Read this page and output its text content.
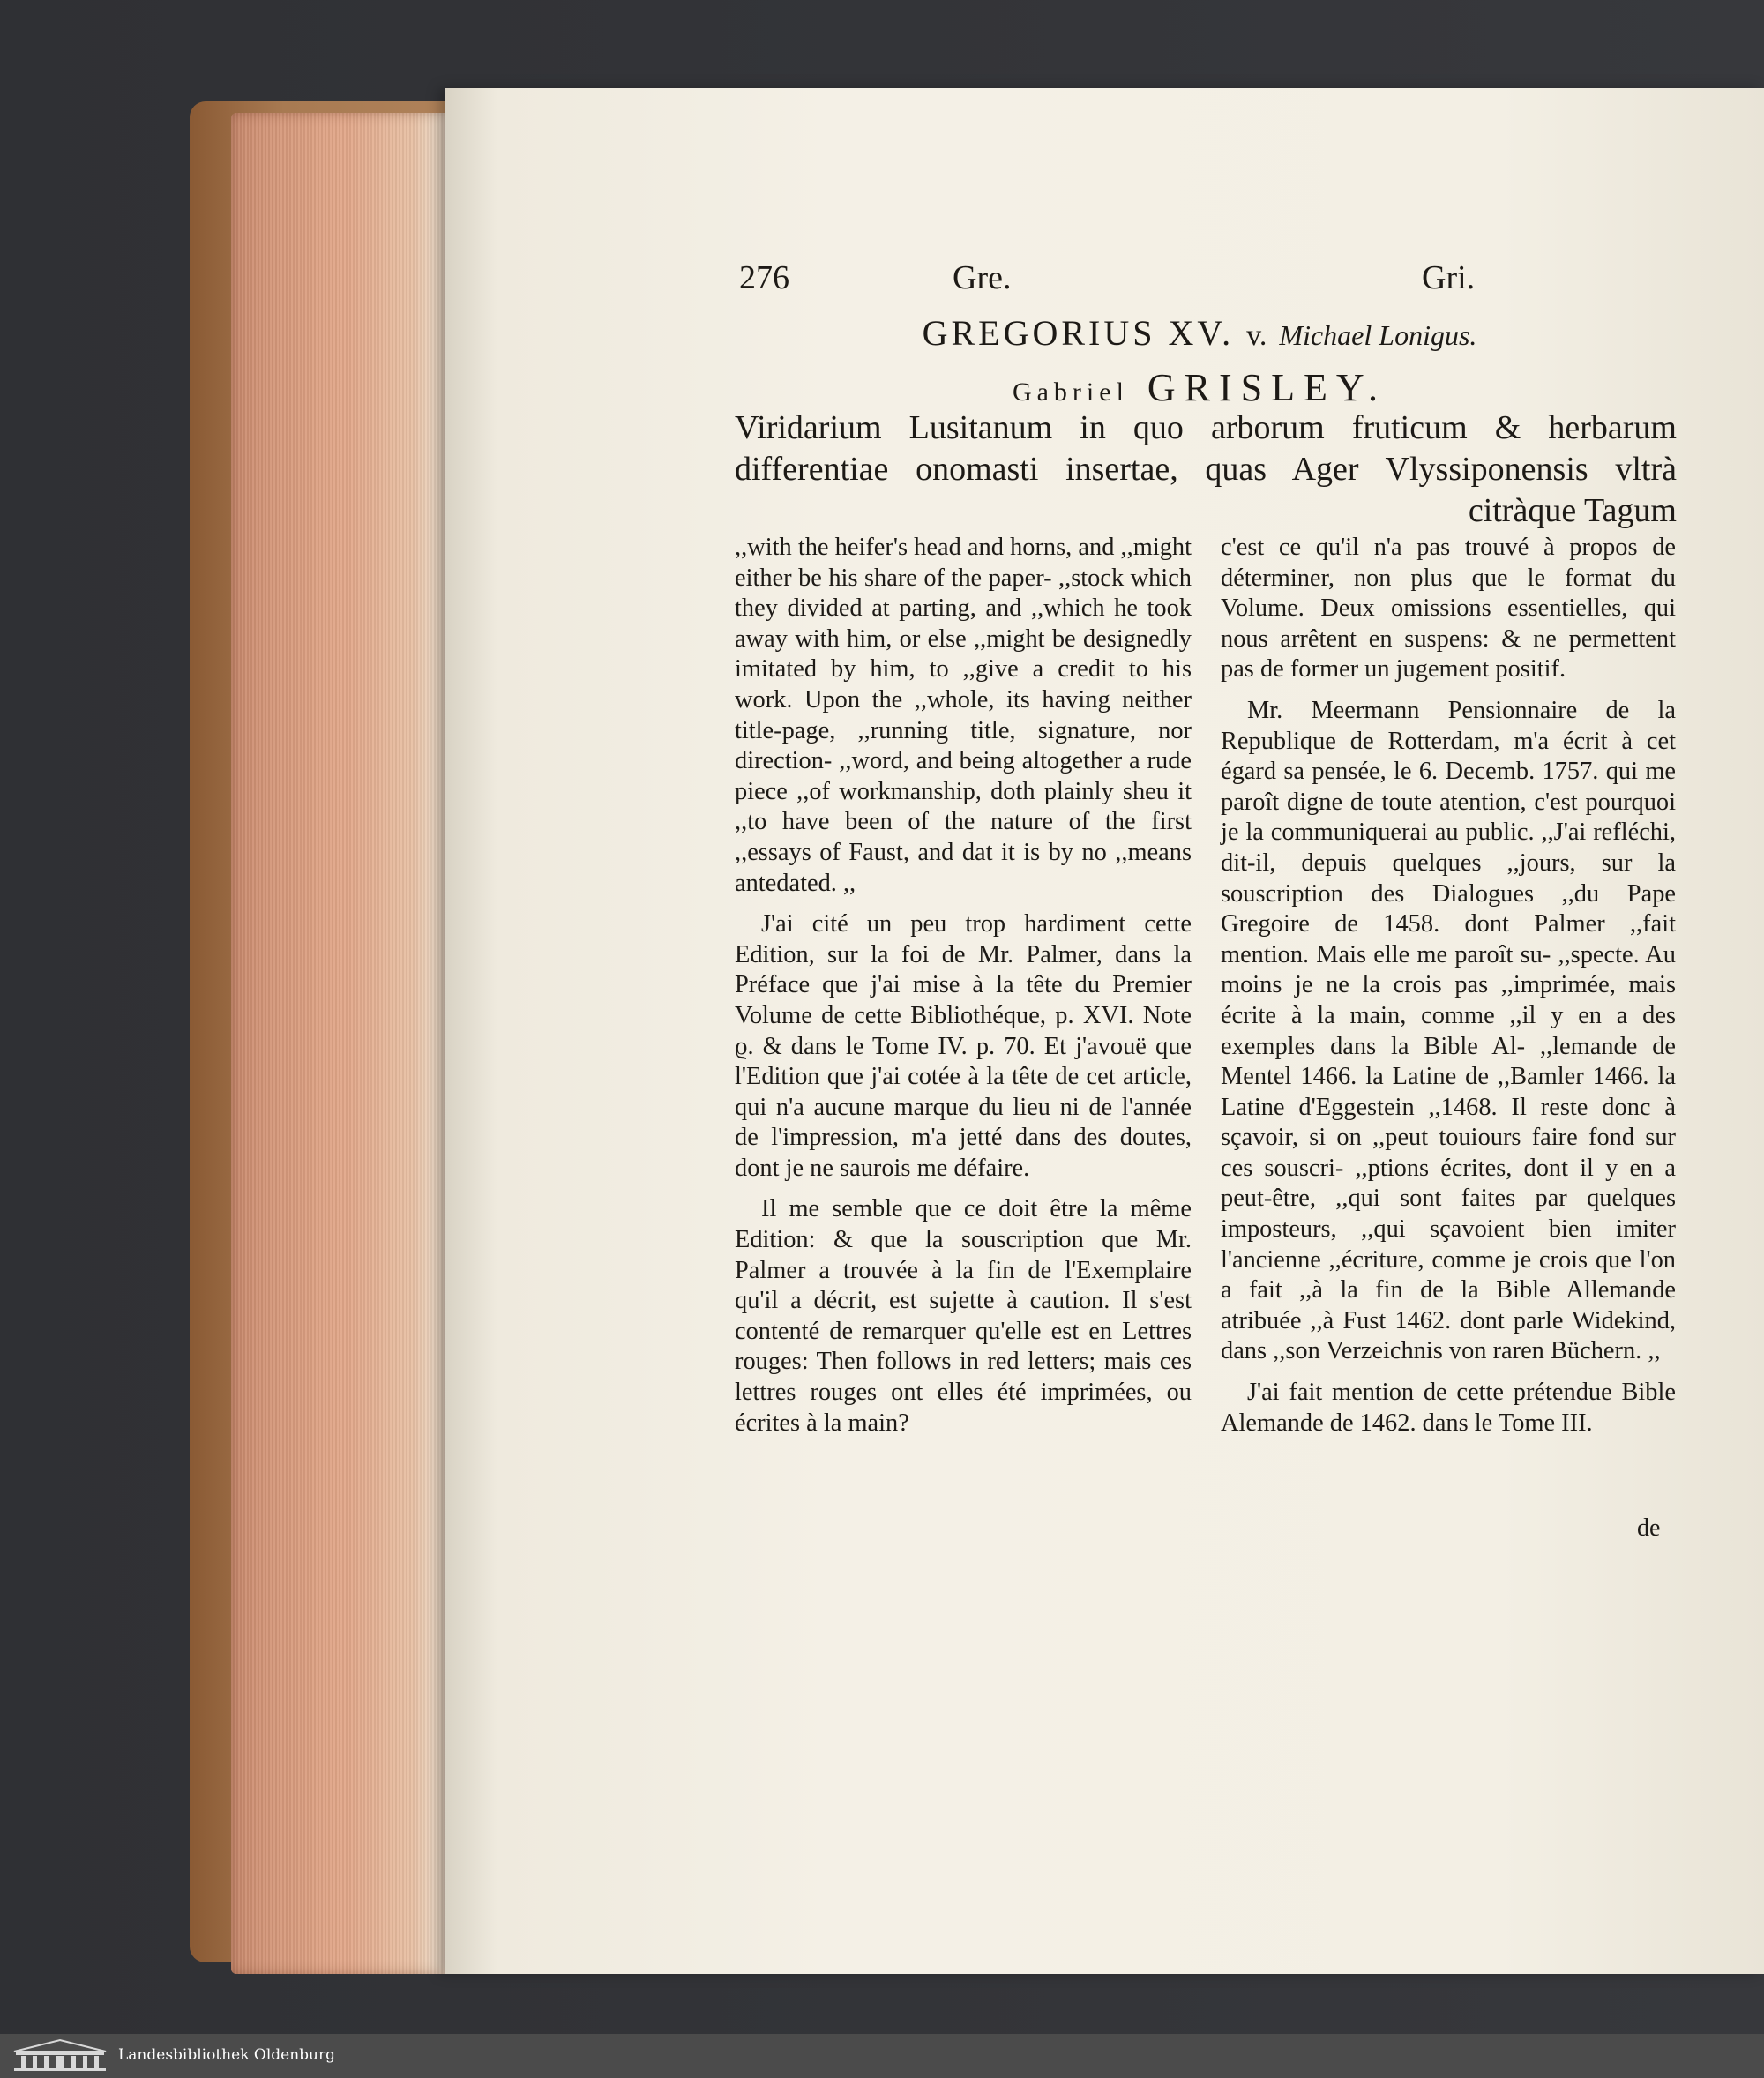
276	Gre.	Gri.
GREGORIUS XV. v. Michael Lonigus.
Gabriel GRISLEY.
Viridarium Lusitanum in quo arborum fruticum & herbarum differentiae onomasti insertae, quas Ager Vlyssiponensis vltrà citràque Tagum

,,with the heifer's head and horns, and ,,might either be his share of the paper- ,,stock which they divided at parting, and ,,which he took away with him, or else ,,might be designedly imitated by him, to ,,give a credit to his work. Upon the ,,whole, its having neither title-page, ,,running title, signature, nor direction- ,,word, and being altogether a rude piece ,,of workmanship, doth plainly sheu it ,,to have been of the nature of the first ,,essays of Faust, and dat it is by no ,,means antedated. ,,

J'ai cité un peu trop hardiment cette Edition, sur la foi de Mr. Palmer, dans la Préface que j'ai mise à la tête du Premier Volume de cette Bibliothéque, p. XVI. Note ϱ. & dans le Tome IV. p. 70. Et j'avouë que l'Edition que j'ai cotée à la tête de cet article, qui n'a aucune marque du lieu ni de l'année de l'impression, m'a jetté dans des doutes, dont je ne saurois me défaire.

Il me semble que ce doit être la même Edition: & que la souscription que Mr. Palmer a trouvée à la fin de l'Exemplaire qu'il a décrit, est sujette à caution. Il s'est contenté de remarquer qu'elle est en Lettres rouges: Then follows in red letters; mais ces lettres rouges ont elles été imprimées, ou écrites à la main?

c'est ce qu'il n'a pas trouvé à propos de déterminer, non plus que le format du Volume. Deux omissions essentielles, qui nous arrêtent en suspens: & ne permettent pas de former un jugement positif.

Mr. Meermann Pensionnaire de la Republique de Rotterdam, m'a écrit à cet égard sa pensée, le 6. Decemb. 1757. qui me paroît digne de toute atention, c'est pourquoi je la communiquerai au public. ,,J'ai refléchi, dit-il, depuis quelques ,,jours, sur la souscription des Dialogues ,,du Pape Gregoire de 1458. dont Palmer ,,fait mention. Mais elle me paroît su- ,,specte. Au moins je ne la crois pas ,,imprimée, mais écrite à la main, comme ,,il y en a des exemples dans la Bible Al- ,,lemande de Mentel 1466. la Latine de ,,Bamler 1466. la Latine d'Eggestein ,,1468. Il reste donc à sçavoir, si on ,,peut touiours faire fond sur ces souscri- ,,ptions écrites, dont il y en a peut-être, ,,qui sont faites par quelques imposteurs, ,,qui sçavoient bien imiter l'ancienne ,,écriture, comme je crois que l'on a fait ,,à la fin de la Bible Allemande atribuée ,,à Fust 1462. dont parle Widekind, dans ,,son Verzeichnis von raren Büchern. ,,

J'ai fait mention de cette prétendue Bible Alemande de 1462. dans le Tome III.

de
Landesbibliothek Oldenburg
